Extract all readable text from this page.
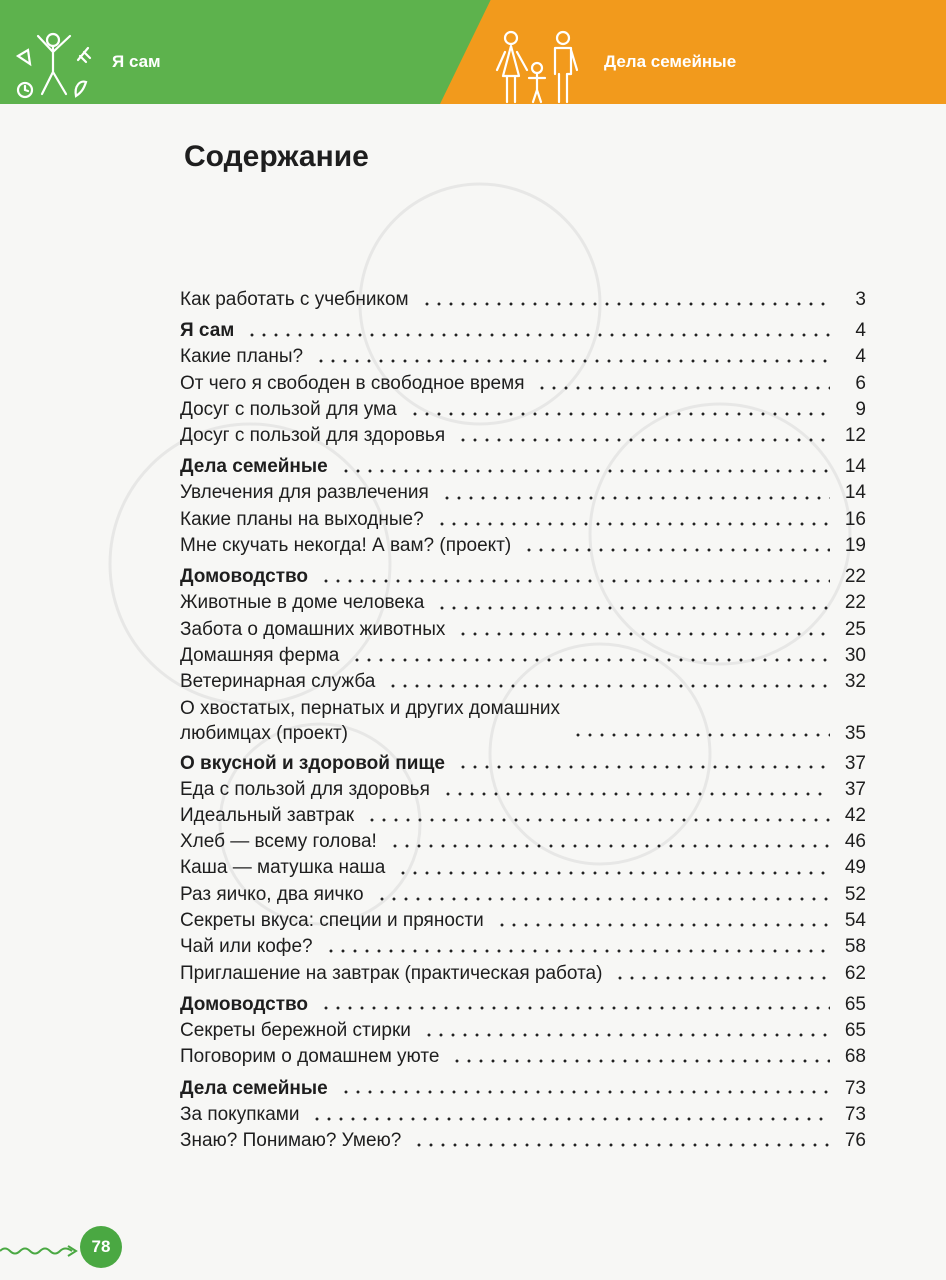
Я сам	Дела семейные
Содержание
Как работать с учебником	3
Я сам	4
Какие планы?	4
От чего я свободен в свободное время	6
Досуг с пользой для ума	9
Досуг с пользой для здоровья	12
Дела семейные	14
Увлечения для развлечения	14
Какие планы на выходные?	16
Мне скучать некогда! А вам? (проект)	19
Домоводство	22
Животные в доме человека	22
Забота о домашних животных	25
Домашняя ферма	30
Ветеринарная служба	32
О хвостатых, пернатых и других домашних
любимцах (проект)	35
О вкусной и здоровой пище	37
Еда с пользой для здоровья	37
Идеальный завтрак	42
Хлеб — всему голова!	46
Каша — матушка наша	49
Раз яичко, два яичко	52
Секреты вкуса: специи и пряности	54
Чай или кофе?	58
Приглашение на завтрак (практическая работа)	62
Домоводство	65
Секреты бережной стирки	65
Поговорим о домашнем уюте	68
Дела семейные	73
За покупками	73
Знаю? Понимаю? Умею?	76
78
